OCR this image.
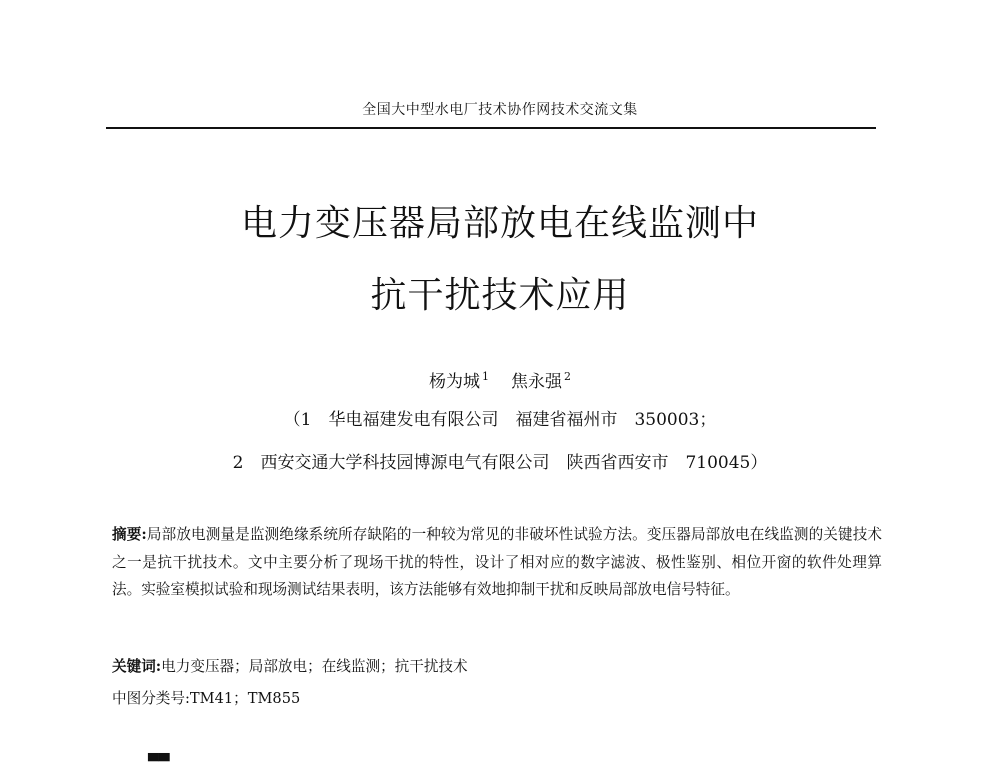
全国大中型水电厂技术协作网技术交流文集
电力变压器局部放电在线监测中
抗干扰技术应用
杨为城 $^1$ 焦永强 $^2$
（1　华电福建发电有限公司　福建省福州市　350003；
2　西安交通大学科技园博源电气有限公司　陕西省西安市　710045）
摘要:局部放电测量是监测绝缘系统所存缺陷的一种较为常见的非破坏性试验方法。变压器局部放电在线监测的关键技术之一是抗干扰技术。文中主要分析了现场干扰的特性，设计了相对应的数字滤波、极性鉴别、相位开窗的软件处理算法。实验室模拟试验和现场测试结果表明，该方法能够有效地抑制干扰和反映局部放电信号特征。
关键词:电力变压器；局部放电；在线监测；抗干扰技术
中图分类号:TM41；TM855
▀▀
